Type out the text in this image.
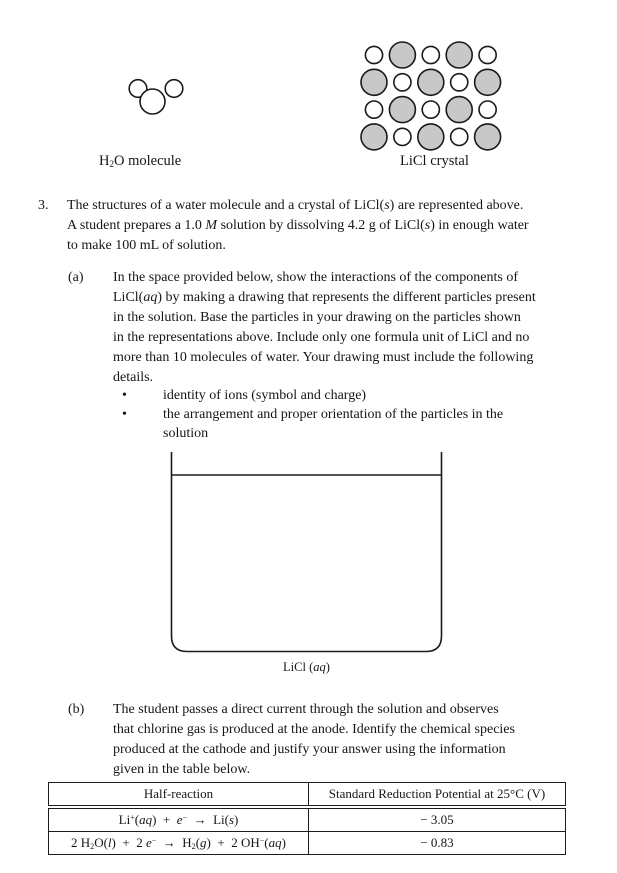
$H_2O$ molecule	LiCl crystal
3. The structures of a water molecule and a crystal of LiCl(s) are represented above.
A student prepares a 1.0 M solution by dissolving 4.2 g of LiCl(s) in enough water
to make 100 mL of solution.
(a) In the space provided below, show the interactions of the components of
LiCl(aq) by making a drawing that represents the different particles present
in the solution. Base the particles in your drawing on the particles shown
in the representations above. Include only one formula unit of LiCl and no
more than 10 molecules of water. Your drawing must include the following
details.
•	identity of ions (symbol and charge)
•	the arrangement and proper orientation of the particles in the
solution
LiCl (aq)
(b) The student passes a direct current through the solution and observes
that chlorine gas is produced at the anode. Identify the chemical species
produced at the cathode and justify your answer using the information
given in the table below.
Half-reaction	Standard Reduction Potential at 25°C (V)
Li+(aq)  +  e−  →  Li(s)	− 3.05
2 $H_2O(l) + 2$ $e^- \to H_2(g) + 2$ OH−(aq)	− 0.83
